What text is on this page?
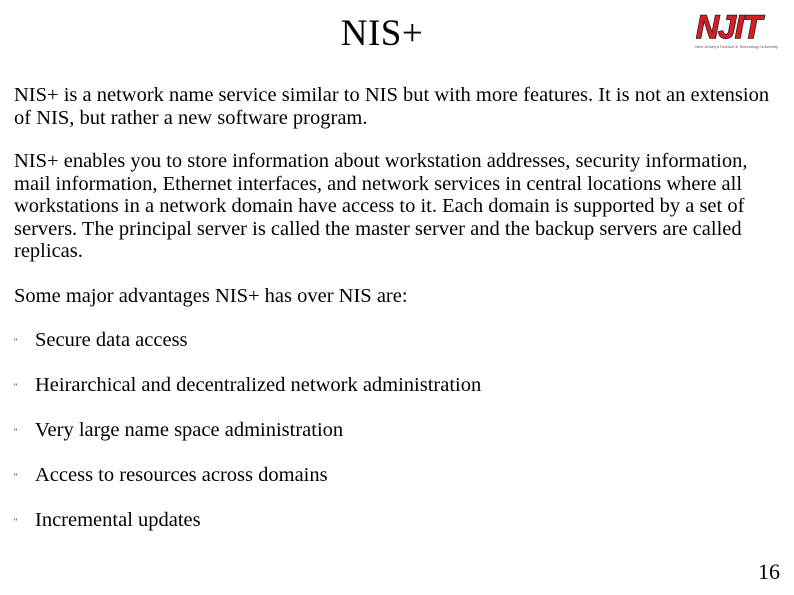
NIS+	NJIT
New Jersey's Science & Technology University

NIS+ is a network name service similar to NIS but with more features. It is not an extension of NIS, but rather a new software program.

NIS+ enables you to store information about workstation addresses, security information, mail information, Ethernet interfaces, and network services in central locations where all workstations in a network domain have access to it. Each domain is supported by a set of servers. The principal server is called the master server and the backup servers are called replicas.

Some major advantages NIS+ has over NIS are:

" Secure data access
" Heirarchical and decentralized network administration
" Very large name space administration
" Access to resources across domains
" Incremental updates
16
